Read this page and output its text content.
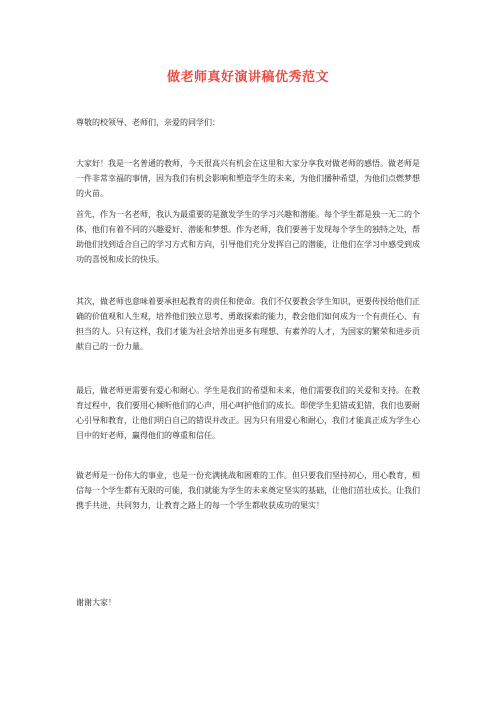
做老师真好演讲稿优秀范文
尊敬的校领导、老师们，亲爱的同学们：
大家好！我是一名普通的教师，今天很高兴有机会在这里和大家分享我对做老师的感悟。做老师是一件非常幸福的事情，因为我们有机会影响和塑造学生的未来，为他们播种希望，为他们点燃梦想的火苗。
首先，作为一名老师，我认为最重要的是激发学生的学习兴趣和潜能。每个学生都是独一无二的个体，他们有着不同的兴趣爱好、潜能和梦想。作为老师，我们要善于发现每个学生的独特之处，帮助他们找到适合自己的学习方式和方向，引导他们充分发挥自己的潜能，让他们在学习中感受到成功的喜悦和成长的快乐。
其次，做老师也意味着要承担起教育的责任和使命。我们不仅要教会学生知识，更要传授给他们正确的价值观和人生观，培养他们独立思考、勇敢探索的能力，教会他们如何成为一个有责任心、有担当的人。只有这样，我们才能为社会培养出更多有理想、有素养的人才，为国家的繁荣和进步贡献自己的一份力量。
最后，做老师更需要有爱心和耐心。学生是我们的希望和未来，他们需要我们的关爱和支持。在教育过程中，我们要用心倾听他们的心声，用心呵护他们的成长。即使学生犯错或犯错，我们也要耐心引导和教育，让他们明白自己的错误并改正。因为只有用爱心和耐心，我们才能真正成为学生心目中的好老师，赢得他们的尊重和信任。
做老师是一份伟大的事业，也是一份充满挑战和困难的工作。但只要我们坚持初心，用心教育，相信每一个学生都有无限的可能，我们就能为学生的未来奠定坚实的基础，让他们茁壮成长。让我们携手共进，共同努力，让教育之路上的每一个学生都收获成功的果实！
谢谢大家！
